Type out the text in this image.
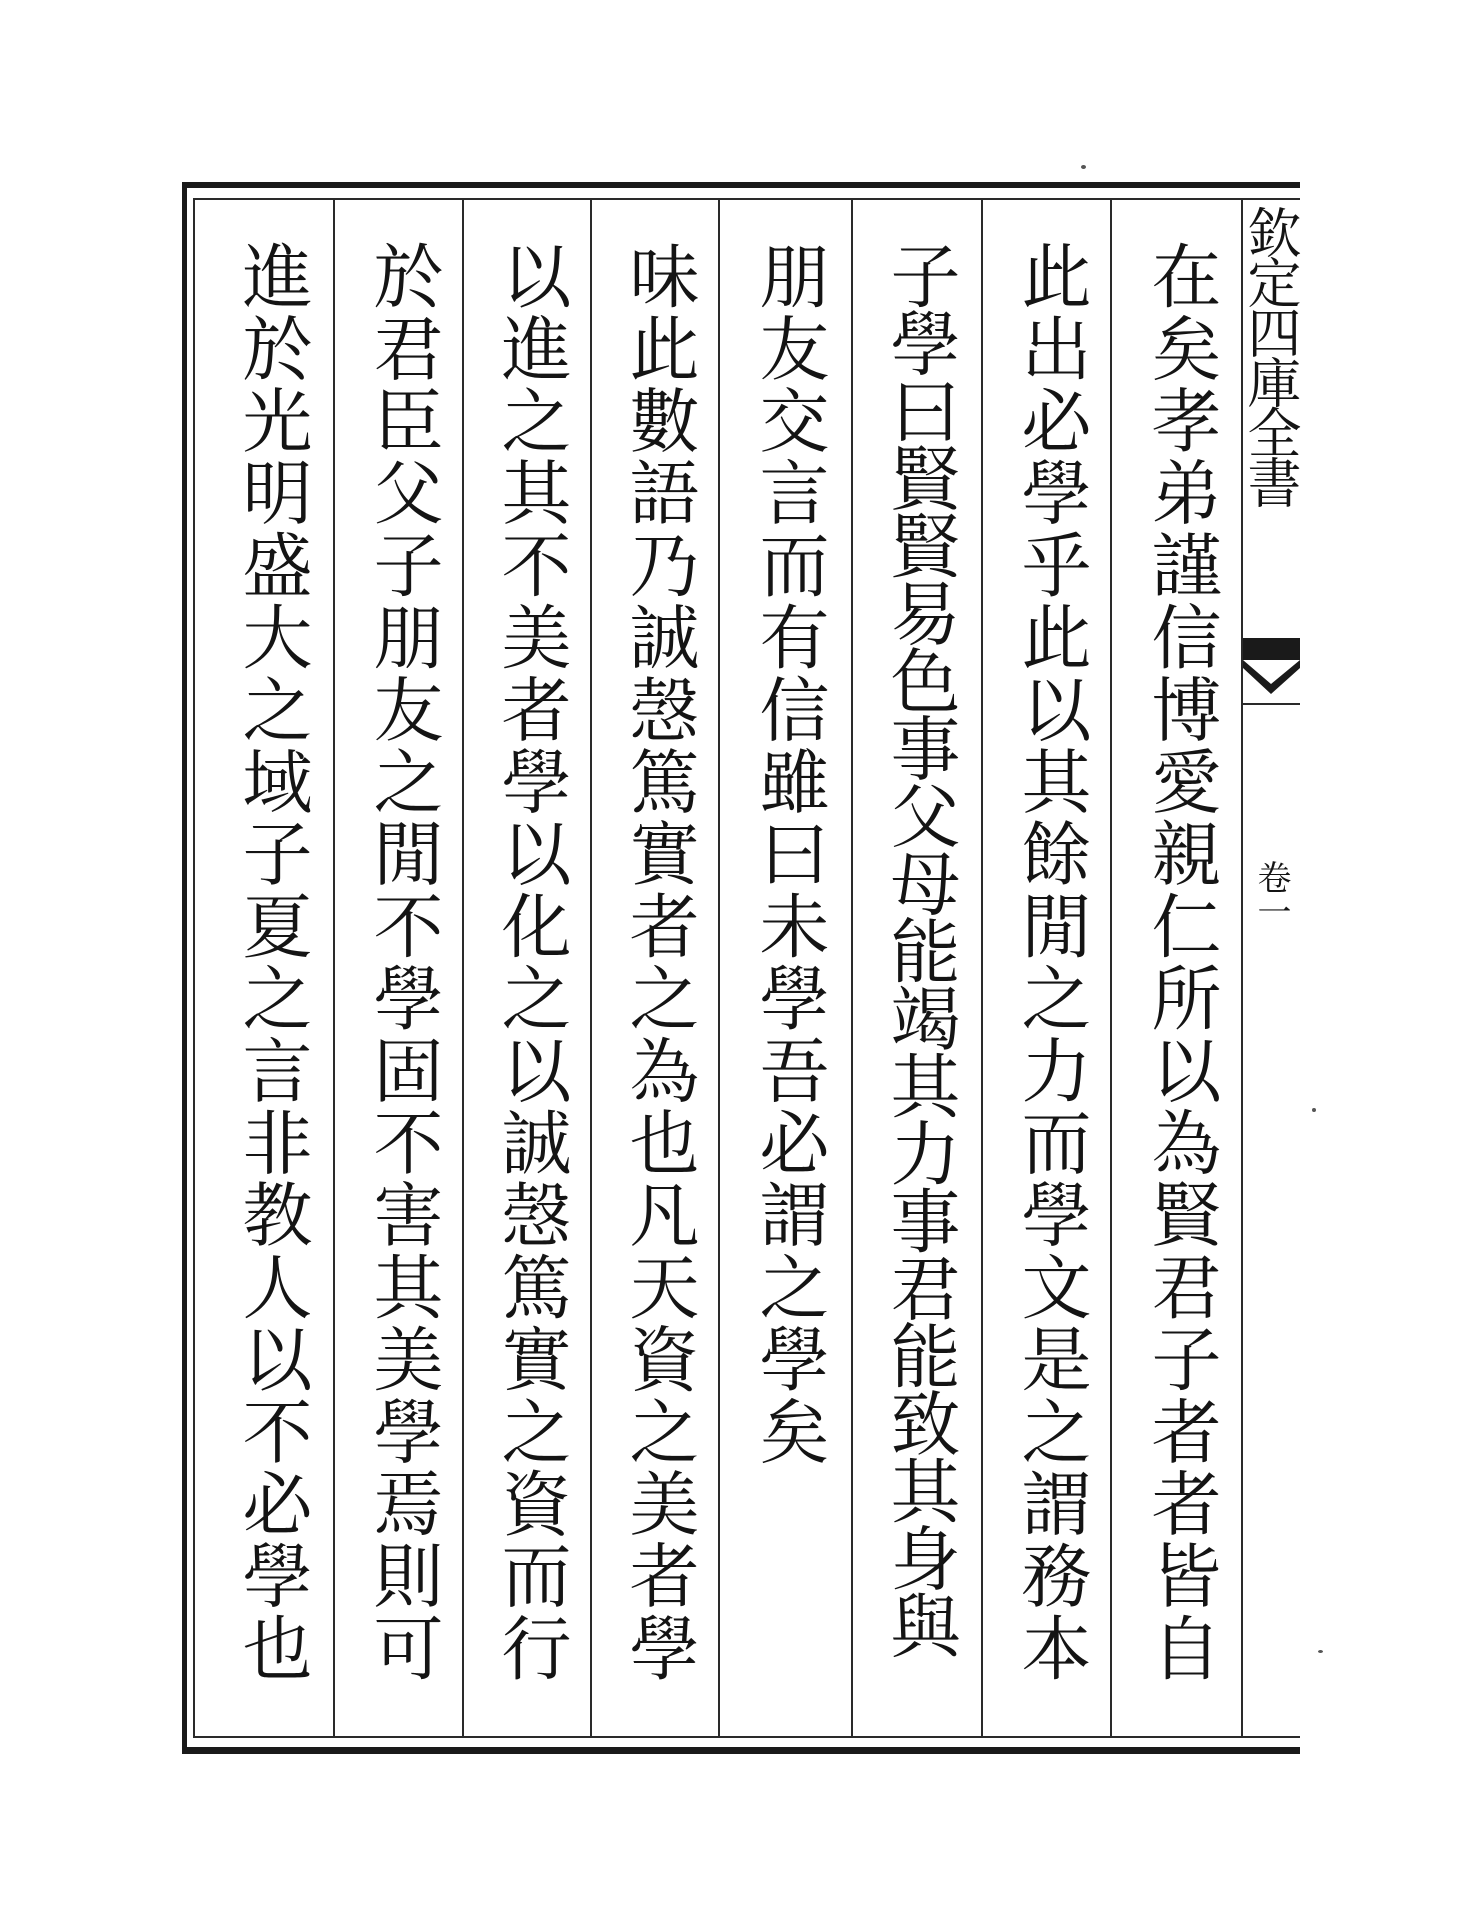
在矣孝弟謹信博愛親仁所以為賢君子者者皆自
此出必學乎此以其餘閒之力而學文是之謂務本
子學曰賢賢易色事父母能竭其力事君能致其身與
朋友交言而有信雖曰未學吾必謂之學矣
味此數語乃誠愨篤實者之為也凡天資之美者學
以進之其不美者學以化之以誠愨篤實之資而行
於君臣父子朋友之閒不學固不害其美學焉則可
進於光明盛大之域子夏之言非教人以不必學也	欽定四庫全書
卷一
